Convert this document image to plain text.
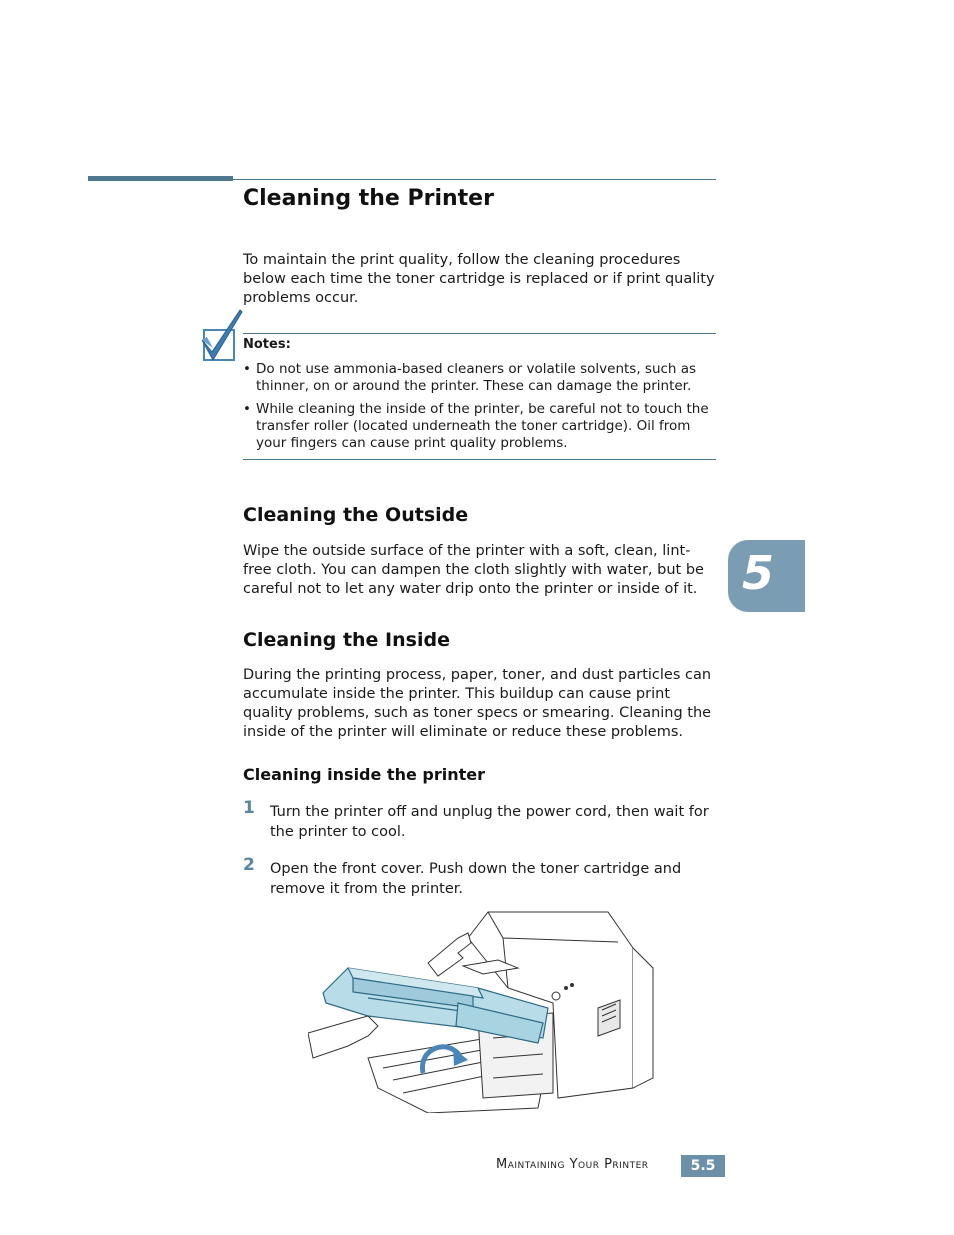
Cleaning the Printer

To maintain the print quality, follow the cleaning procedures below each time the toner cartridge is replaced or if print quality problems occur.

Notes:

• Do not use ammonia-based cleaners or volatile solvents, such as thinner, on or around the printer. These can damage the printer.
• While cleaning the inside of the printer, be careful not to touch the transfer roller (located underneath the toner cartridge). Oil from your fingers can cause print quality problems.
Cleaning the Outside

Wipe the outside surface of the printer with a soft, clean, lint-free cloth. You can dampen the cloth slightly with water, but be careful not to let any water drip onto the printer or inside of it. 5
Cleaning the Inside

During the printing process, paper, toner, and dust particles can accumulate inside the printer. This buildup can cause print quality problems, such as toner specs or smearing. Cleaning the inside of the printer will eliminate or reduce these problems.

Cleaning inside the printer
1	Turn the printer off and unplug the power cord, then wait for the printer to cool.
2	Open the front cover. Push down the toner cartridge and remove it from the printer.
Maintaining Your Printer	5.5
